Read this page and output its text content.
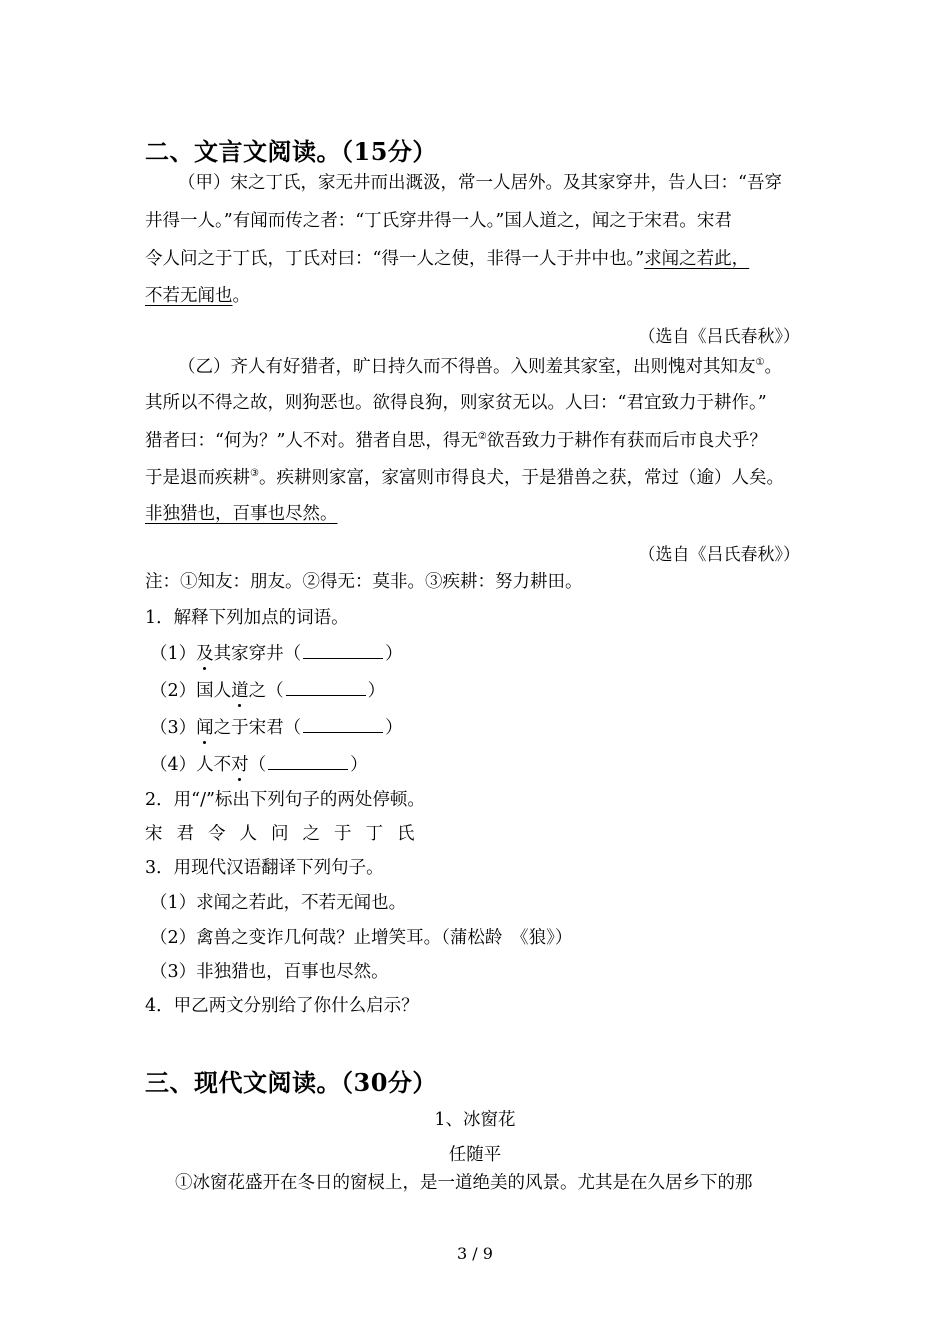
二、文言文阅读。（15分）
（甲）宋之丁氏，家无井而出溉汲，常一人居外。及其家穿井，告人曰：“吾穿
井得一人。”有闻而传之者：“丁氏穿井得一人。”国人道之，闻之于宋君。宋君
令人问之于丁氏，丁氏对曰：“得一人之使，非得一人于井中也。”求闻之若此，
不若无闻也。
（选自《吕氏春秋》）
（乙）齐人有好猎者，旷日持久而不得兽。入则羞其家室，出则愧对其知友①。
其所以不得之故，则狗恶也。欲得良狗，则家贫无以。人曰：“君宜致力于耕作。”
猎者曰：“何为？”人不对。猎者自思，得无②欲吾致力于耕作有获而后市良犬乎？
于是退而疾耕③。疾耕则家富，家富则市得良犬，于是猎兽之获，常过（逾）人矣。
非独猎也，百事也尽然。
（选自《吕氏春秋》）
注：①知友：朋友。②得无：莫非。③疾耕：努力耕田。
1．解释下列加点的词语。
（1）及其家穿井（	）
（2）国人道之（	）
（3）闻之于宋君（	）
（4）人不对（	）
2．用“/”标出下列句子的两处停顿。
宋 君 令 人 问 之 于 丁 氏
3．用现代汉语翻译下列句子。
（1）求闻之若此，不若无闻也。
（2）禽兽之变诈几何哉？止增笑耳。（蒲松龄　《狼》）
（3）非独猎也，百事也尽然。
4．甲乙两文分别给了你什么启示？
三、现代文阅读。（30分）
1、冰窗花
任随平
①冰窗花盛开在冬日的窗棂上，是一道绝美的风景。尤其是在久居乡下的那
3 / 9
